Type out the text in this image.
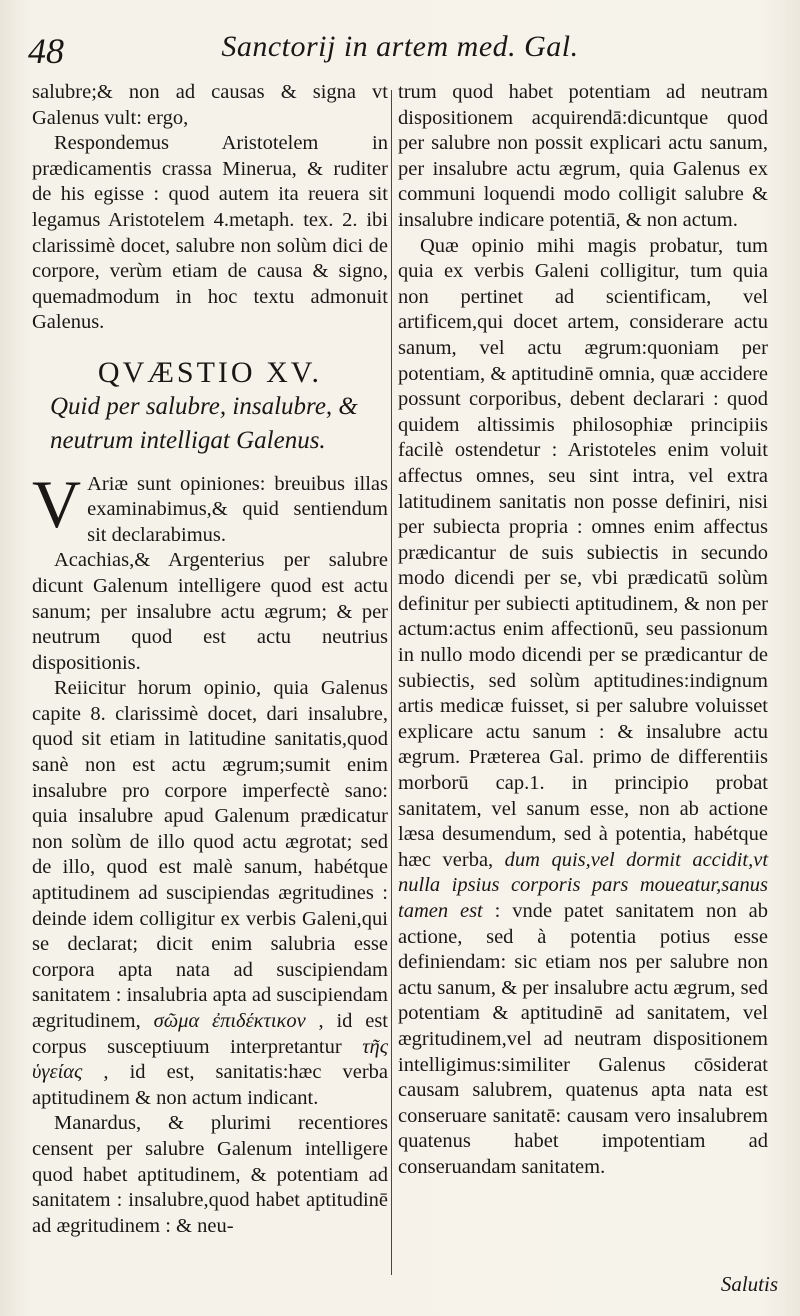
48	Sanctorij in artem med. Gal.

salubre;& non ad causas & signa vt Galenus vult: ergo,

Respondemus Aristotelem in prædicamentis crassa Minerua, & ruditer de his egisse : quod autem ita reuera sit legamus Aristotelem 4.metaph. tex. 2. ibi clarissimè docet, salubre non solùm dici de corpore, verùm etiam de causa & signo, quemadmodum in hoc textu admonuit Galenus.

QVÆSTIO XV.
Quid per salubre, insalubre, & neutrum intelligat Galenus.

V Ariæ sunt opiniones: breuibus illas examinabimus,& quid sentiendum sit declarabimus.

Acachias,& Argenterius per salubre dicunt Galenum intelligere quod est actu sanum; per insalubre actu ægrum; & per neutrum quod est actu neutrius dispositionis.

Reiicitur horum opinio, quia Galenus capite 8. clarissimè docet, dari insalubre, quod sit etiam in latitudine sanitatis,quod sanè non est actu ægrum;sumit enim insalubre pro corpore imperfectè sano: quia insalubre apud Galenum prædicatur non solùm de illo quod actu ægrotat; sed de illo, quod est malè sanum, habétque aptitudinem ad suscipiendas ægritudines : deinde idem colligitur ex verbis Galeni,qui se declarat; dicit enim salubria esse corpora apta nata ad suscipiendam sanitatem : insalubria apta ad suscipiendam ægritudinem, σῶμα ἐπιδέκτικον , id est corpus susceptiuum interpretantur τῆς ὑγείας , id est, sanitatis:hæc verba aptitudinem & non actum indicant.

Manardus, & plurimi recentiores censent per salubre Galenum intelligere quod habet aptitudinem, & potentiam ad sanitatem : insalubre,quod habet aptitudinē ad ægritudinem : & neu-

trum quod habet potentiam ad neutram dispositionem acquirendā:dicuntque quod per salubre non possit explicari actu sanum, per insalubre actu ægrum, quia Galenus ex communi loquendi modo colligit salubre & insalubre indicare potentiā, & non actum.

Quæ opinio mihi magis probatur, tum quia ex verbis Galeni colligitur, tum quia non pertinet ad scientificam, vel artificem,qui docet artem, considerare actu sanum, vel actu ægrum:quoniam per potentiam, & aptitudinē omnia, quæ accidere possunt corporibus, debent declarari : quod quidem altissimis philosophiæ principiis facilè ostendetur : Aristoteles enim voluit affectus omnes, seu sint intra, vel extra latitudinem sanitatis non posse definiri, nisi per subiecta propria : omnes enim affectus prædicantur de suis subiectis in secundo modo dicendi per se, vbi prædicatū solùm definitur per subiecti aptitudinem, & non per actum:actus enim affectionū, seu passionum in nullo modo dicendi per se prædicantur de subiectis, sed solùm aptitudines:indignum artis medicæ fuisset, si per salubre voluisset explicare actu sanum : & insalubre actu ægrum. Præterea Gal. primo de differentiis morborū cap.1. in principio probat sanitatem, vel sanum esse, non ab actione læsa desumendum, sed à potentia, habétque hæc verba, dum quis,vel dormit accidit,vt nulla ipsius corporis pars moueatur,sanus tamen est : vnde patet sanitatem non ab actione, sed à potentia potius esse definiendam: sic etiam nos per salubre non actu sanum, & per insalubre actu ægrum, sed potentiam & aptitudinē ad sanitatem, vel ægritudinem,vel ad neutram dispositionem intelligimus:similiter Galenus cōsiderat causam salubrem, quatenus apta nata est conseruare sanitatē: causam vero insalubrem quatenus habet impotentiam ad conseruandam sanitatem.

Salutis
